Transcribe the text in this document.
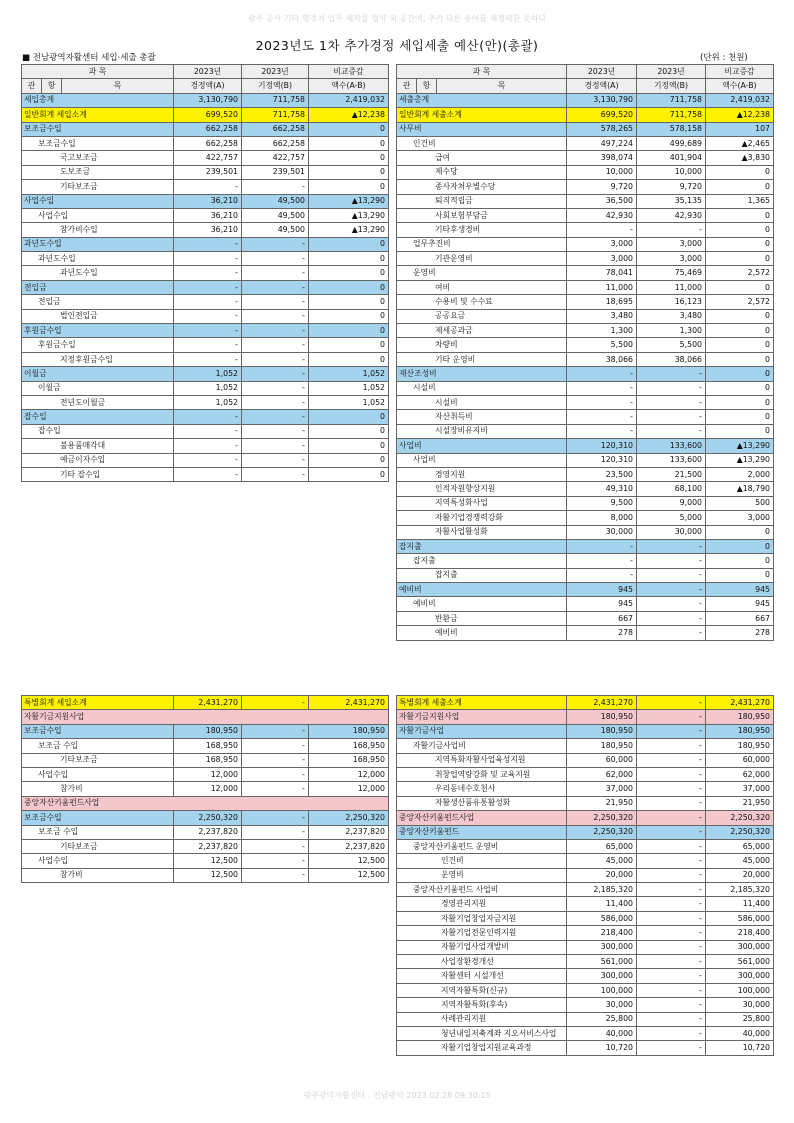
광주 공사 기타 행정처 업무 제작물 협약 외 공간에, 추가 다른 용어를 재정리한 듯하다
2023년도 1차 추가경정 세입세출 예산(안)(총괄)
■ 전남광역자활센터 세입·세출 총괄	(단위 : 천원)
과 목			2023년	2023년	비교증감
관	항	목	경정액(A)	기정액(B)	액수(A-B)
세입총계			3,130,790	711,758	2,419,032
일반회계 세입소계			699,520	711,758	▲12,238
보조금수입			662,258	662,258	0
보조금수입			662,258	662,258	0
국고보조금			422,757	422,757	0
도보조금			239,501	239,501	0
기타보조금			-	-	0
사업수입			36,210	49,500	▲13,290
사업수입			36,210	49,500	▲13,290
참가비수입			36,210	49,500	▲13,290
과년도수입			-	-	0
과년도수입			-	-	0
과년도수입			-	-	0
전입금			-	-	0
전입금			-	-	0
법인전입금			-	-	0
후원금수입			-	-	0
후원금수입			-	-	0
지정후원금수입			-	-	0
이월금			1,052	-	1,052
이월금			1,052	-	1,052
전년도이월금			1,052	-	1,052
잡수입			-	-	0
잡수입			-	-	0
불용품매각대			-	-	0
예금이자수입			-	-	0
기타 잡수입			-	-	0
과 목			2023년	2023년	비교증감
관	항	목	경정액(A)	기정액(B)	액수(A-B)
세출총계			3,130,790	711,758	2,419,032
일반회계 세출소계			699,520	711,758	▲12,238
사무비			578,265	578,158	107
인건비			497,224	499,689	▲2,465
급여			398,074	401,904	▲3,830
제수당			10,000	10,000	0
종사자처우별수당			9,720	9,720	0
퇴직적립금			36,500	35,135	1,365
사회보험부담금			42,930	42,930	0
기타후생경비			-	-	0
업무추진비			3,000	3,000	0
기관운영비			3,000	3,000	0
운영비			78,041	75,469	2,572
여비			11,000	11,000	0
수용비 및 수수료			18,695	16,123	2,572
공공요금			3,480	3,480	0
제세공과금			1,300	1,300	0
차량비			5,500	5,500	0
기타 운영비			38,066	38,066	0
재산조성비			-	-	0
시설비			-	-	0
시설비			-	-	0
자산취득비			-	-	0
시설장비유지비			-	-	0
사업비			120,310	133,600	▲13,290
사업비			120,310	133,600	▲13,290
경영지원			23,500	21,500	2,000
인적자원향상지원			49,310	68,100	▲18,790
지역특성화사업			9,500	9,000	500
자활기업경쟁력강화			8,000	5,000	3,000
자활사업활성화			30,000	30,000	0
잡지출			-	-	0
잡지출			-	-	0
잡지출			-	-	0
예비비			945	-	945
예비비			945	-	945
반환금			667	-	667
예비비			278	-	278
특별회계 세입소계	2,431,270	-	2,431,270
자활기금지원사업			
보조금수입	180,950	-	180,950
보조금 수입	168,950	-	168,950
기타보조금	168,950	-	168,950
사업수입	12,000	-	12,000
참가비	12,000	-	12,000
중앙자산키움펀드사업			
보조금수입	2,250,320	-	2,250,320
보조금 수입	2,237,820	-	2,237,820
기타보조금	2,237,820	-	2,237,820
사업수입	12,500	-	12,500
참가비	12,500	-	12,500
특별회계 세출소계	2,431,270	-	2,431,270
자활기금지원사업	180,950	-	180,950
자활기금사업	180,950	-	180,950
자활기금사업비	180,950	-	180,950
지역특화자활사업육성지원	60,000	-	60,000
취창업역량강화 및 교육지원	62,000	-	62,000
우리동네수호천사	37,000	-	37,000
자활생산품유통활성화	21,950	-	21,950
중앙자산키움펀드사업	2,250,320	-	2,250,320
중앙자산키움펀드	2,250,320	-	2,250,320
중앙자산키움펀드 운영비	65,000	-	65,000
인건비	45,000	-	45,000
운영비	20,000	-	20,000
중앙자산키움펀드 사업비	2,185,320	-	2,185,320
경영관리지원	11,400	-	11,400
자활기업창업자금지원	586,000	-	586,000
자활기업전문인력지원	218,400	-	218,400
자활기업사업개발비	300,000	-	300,000
사업장환경개선	561,000	-	561,000
자활센터 시설개선	300,000	-	300,000
지역자활특화(신규)	100,000	-	100,000
지역자활특화(후속)	30,000	-	30,000
사례관리지원	25,800	-	25,800
청년내일저축계좌 지오서비스사업	40,000	-	40,000
자활기업창업지원교육과정	10,720	-	10,720
광주광역자활센터 : 전남광역 2023.02.28 09:30:15
